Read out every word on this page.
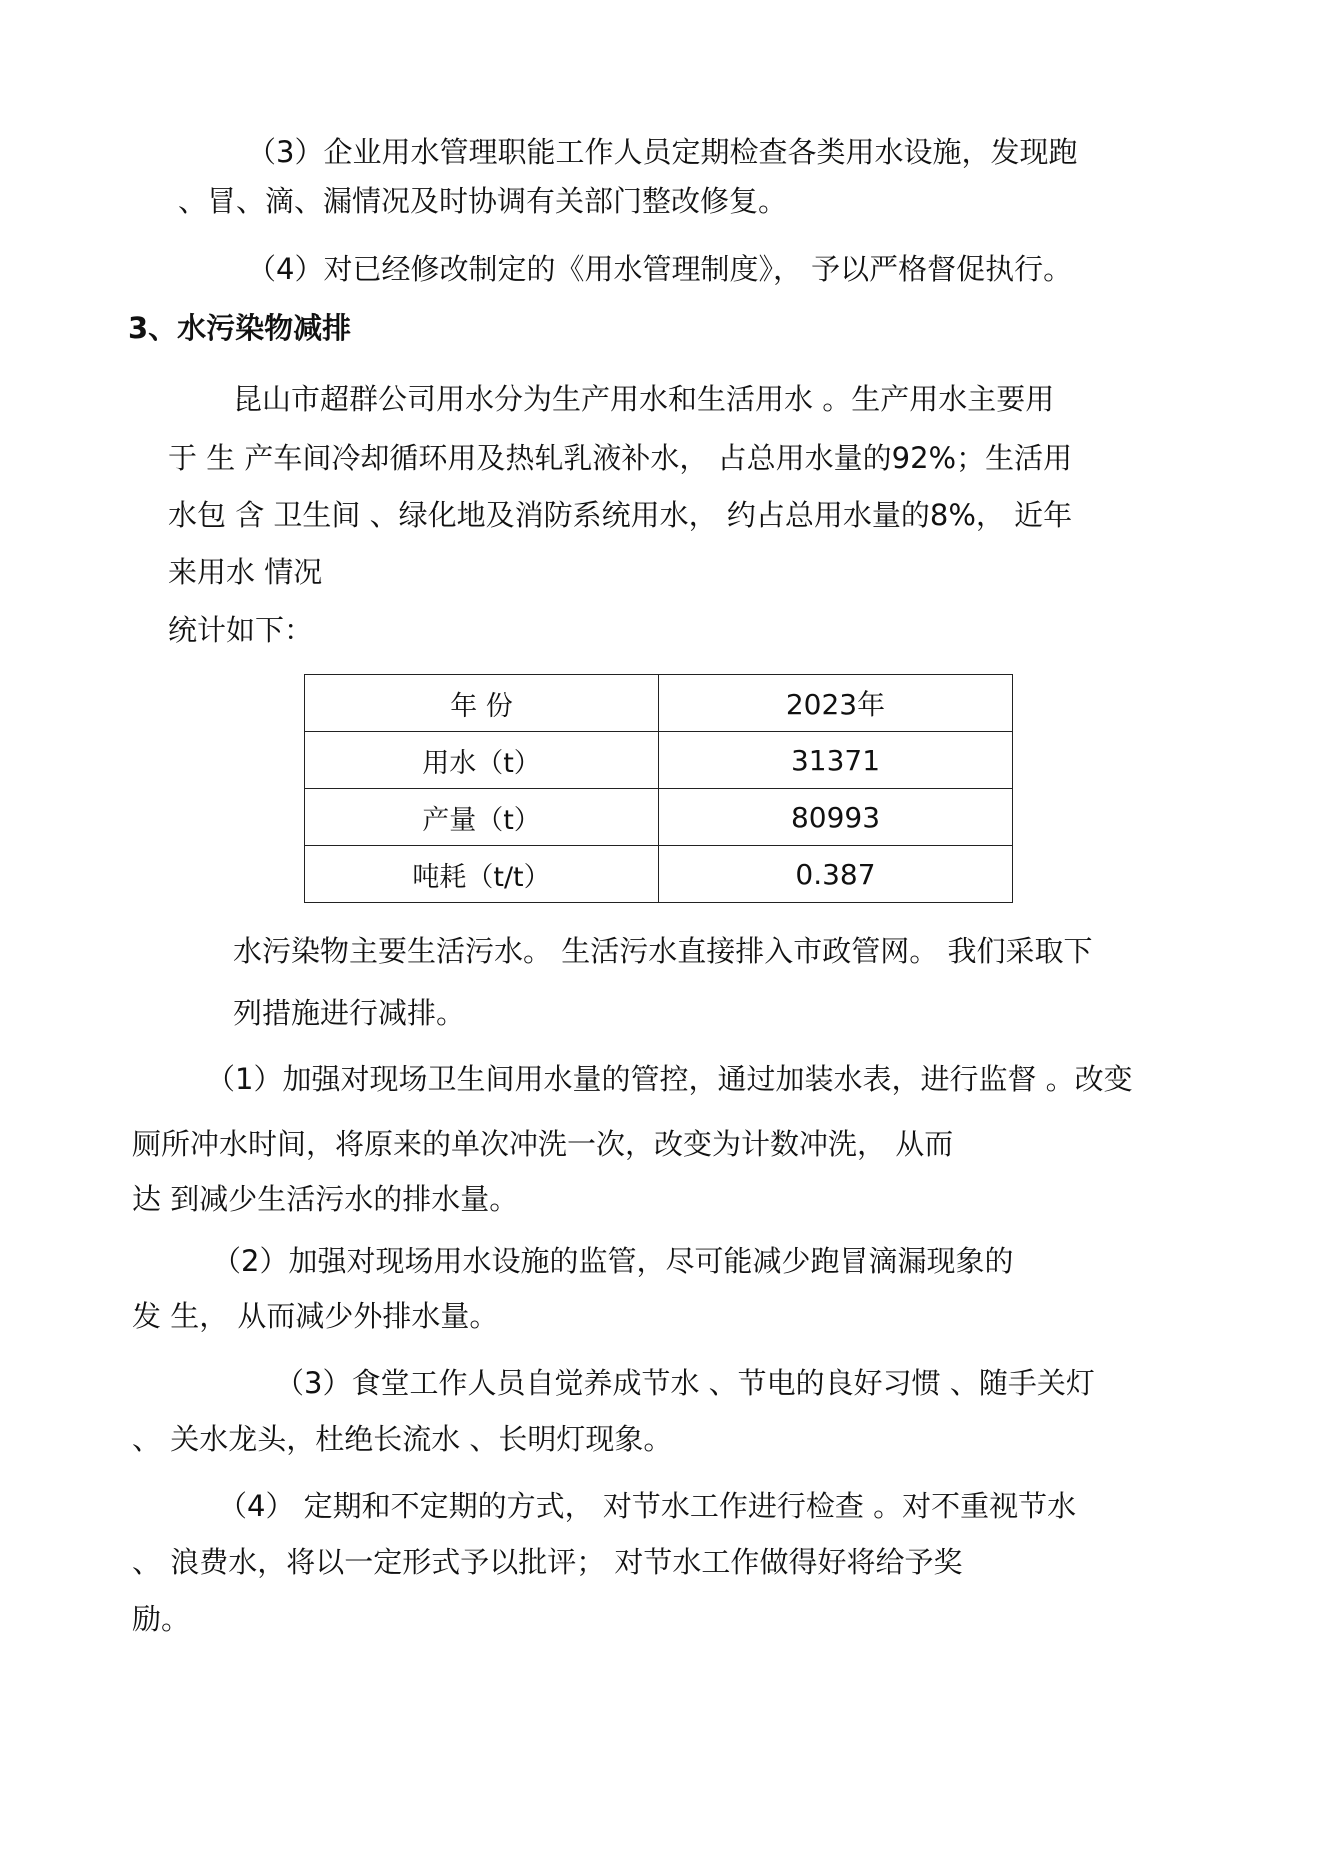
（3）企业用水管理职能工作人员定期检查各类用水设施，发现跑
、冒、滴、漏情况及时协调有关部门整改修复。
（4）对已经修改制定的《用水管理制度》， 予以严格督促执行。
3、水污染物减排
昆山市超群公司用水分为生产用水和生活用水 。生产用水主要用
于 生 产车间冷却循环用及热轧乳液补水， 占总用水量的92%；生活用
水包 含 卫生间 、绿化地及消防系统用水， 约占总用水量的8%， 近年
来用水 情况
统计如下：
年 份	2023年
用水（t）	31371
产量（t）	80993
吨耗（t/t）	0.387
水污染物主要生活污水。 生活污水直接排入市政管网。 我们采取下
列措施进行减排。
（1）加强对现场卫生间用水量的管控，通过加装水表，进行监督 。改变
厕所冲水时间，将原来的单次冲洗一次，改变为计数冲洗， 从而
达 到减少生活污水的排水量。
（2）加强对现场用水设施的监管，尽可能减少跑冒滴漏现象的
发 生， 从而减少外排水量。
（3）食堂工作人员自觉养成节水 、节电的良好习惯 、随手关灯
、 关水龙头，杜绝长流水 、长明灯现象。
（4） 定期和不定期的方式， 对节水工作进行检查 。对不重视节水
、 浪费水，将以一定形式予以批评； 对节水工作做得好将给予奖
励。
